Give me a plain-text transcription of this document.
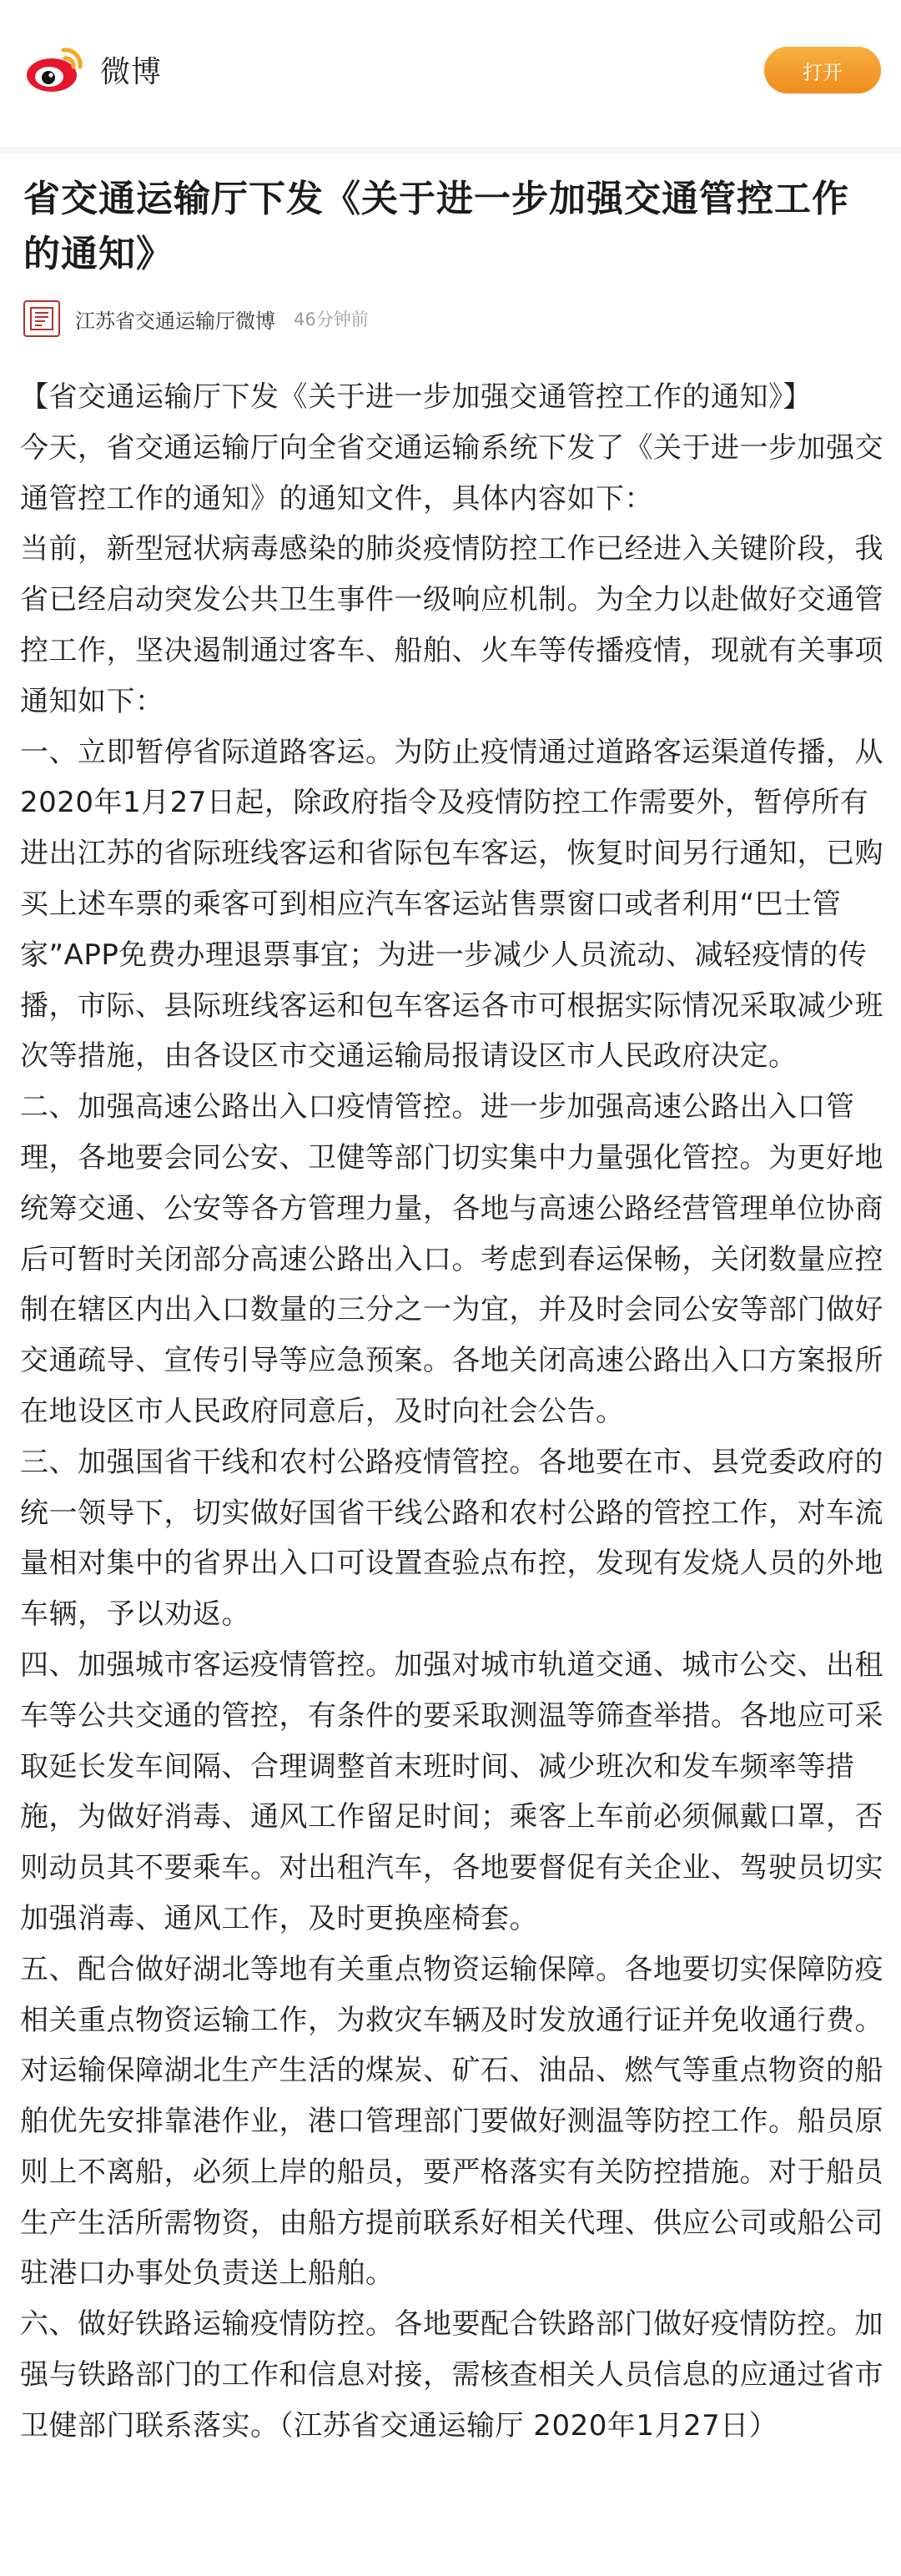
微博	打开
省交通运输厅下发《关于进一步加强交通管控工作的通知》
江苏省交通运输厅微博 46分钟前

【省交通运输厅下发《关于进一步加强交通管控工作的通知》】

今天，省交通运输厅向全省交通运输系统下发了《关于进一步加强交通管控工作的通知》的通知文件，具体内容如下：

当前，新型冠状病毒感染的肺炎疫情防控工作已经进入关键阶段，我省已经启动突发公共卫生事件一级响应机制。为全力以赴做好交通管控工作，坚决遏制通过客车、船舶、火车等传播疫情，现就有关事项通知如下：

一、立即暂停省际道路客运。为防止疫情通过道路客运渠道传播，从2020年1月27日起，除政府指令及疫情防控工作需要外，暂停所有进出江苏的省际班线客运和省际包车客运，恢复时间另行通知，已购买上述车票的乘客可到相应汽车客运站售票窗口或者利用“巴士管家”APP免费办理退票事宜；为进一步减少人员流动、减轻疫情的传播，市际、县际班线客运和包车客运各市可根据实际情况采取减少班次等措施，由各设区市交通运输局报请设区市人民政府决定。

二、加强高速公路出入口疫情管控。进一步加强高速公路出入口管理，各地要会同公安、卫健等部门切实集中力量强化管控。为更好地统筹交通、公安等各方管理力量，各地与高速公路经营管理单位协商后可暂时关闭部分高速公路出入口。考虑到春运保畅，关闭数量应控制在辖区内出入口数量的三分之一为宜，并及时会同公安等部门做好交通疏导、宣传引导等应急预案。各地关闭高速公路出入口方案报所在地设区市人民政府同意后，及时向社会公告。

三、加强国省干线和农村公路疫情管控。各地要在市、县党委政府的统一领导下，切实做好国省干线公路和农村公路的管控工作，对车流量相对集中的省界出入口可设置查验点布控，发现有发烧人员的外地车辆，予以劝返。

四、加强城市客运疫情管控。加强对城市轨道交通、城市公交、出租车等公共交通的管控，有条件的要采取测温等筛查举措。各地应可采取延长发车间隔、合理调整首末班时间、减少班次和发车频率等措施，为做好消毒、通风工作留足时间；乘客上车前必须佩戴口罩，否则动员其不要乘车。对出租汽车，各地要督促有关企业、驾驶员切实加强消毒、通风工作，及时更换座椅套。

五、配合做好湖北等地有关重点物资运输保障。各地要切实保障防疫相关重点物资运输工作，为救灾车辆及时发放通行证并免收通行费。对运输保障湖北生产生活的煤炭、矿石、油品、燃气等重点物资的船舶优先安排靠港作业，港口管理部门要做好测温等防控工作。船员原则上不离船，必须上岸的船员，要严格落实有关防控措施。对于船员生产生活所需物资，由船方提前联系好相关代理、供应公司或船公司驻港口办事处负责送上船舶。

六、做好铁路运输疫情防控。各地要配合铁路部门做好疫情防控。加强与铁路部门的工作和信息对接，需核查相关人员信息的应通过省市卫健部门联系落实。（江苏省交通运输厅 2020年1月27日）
